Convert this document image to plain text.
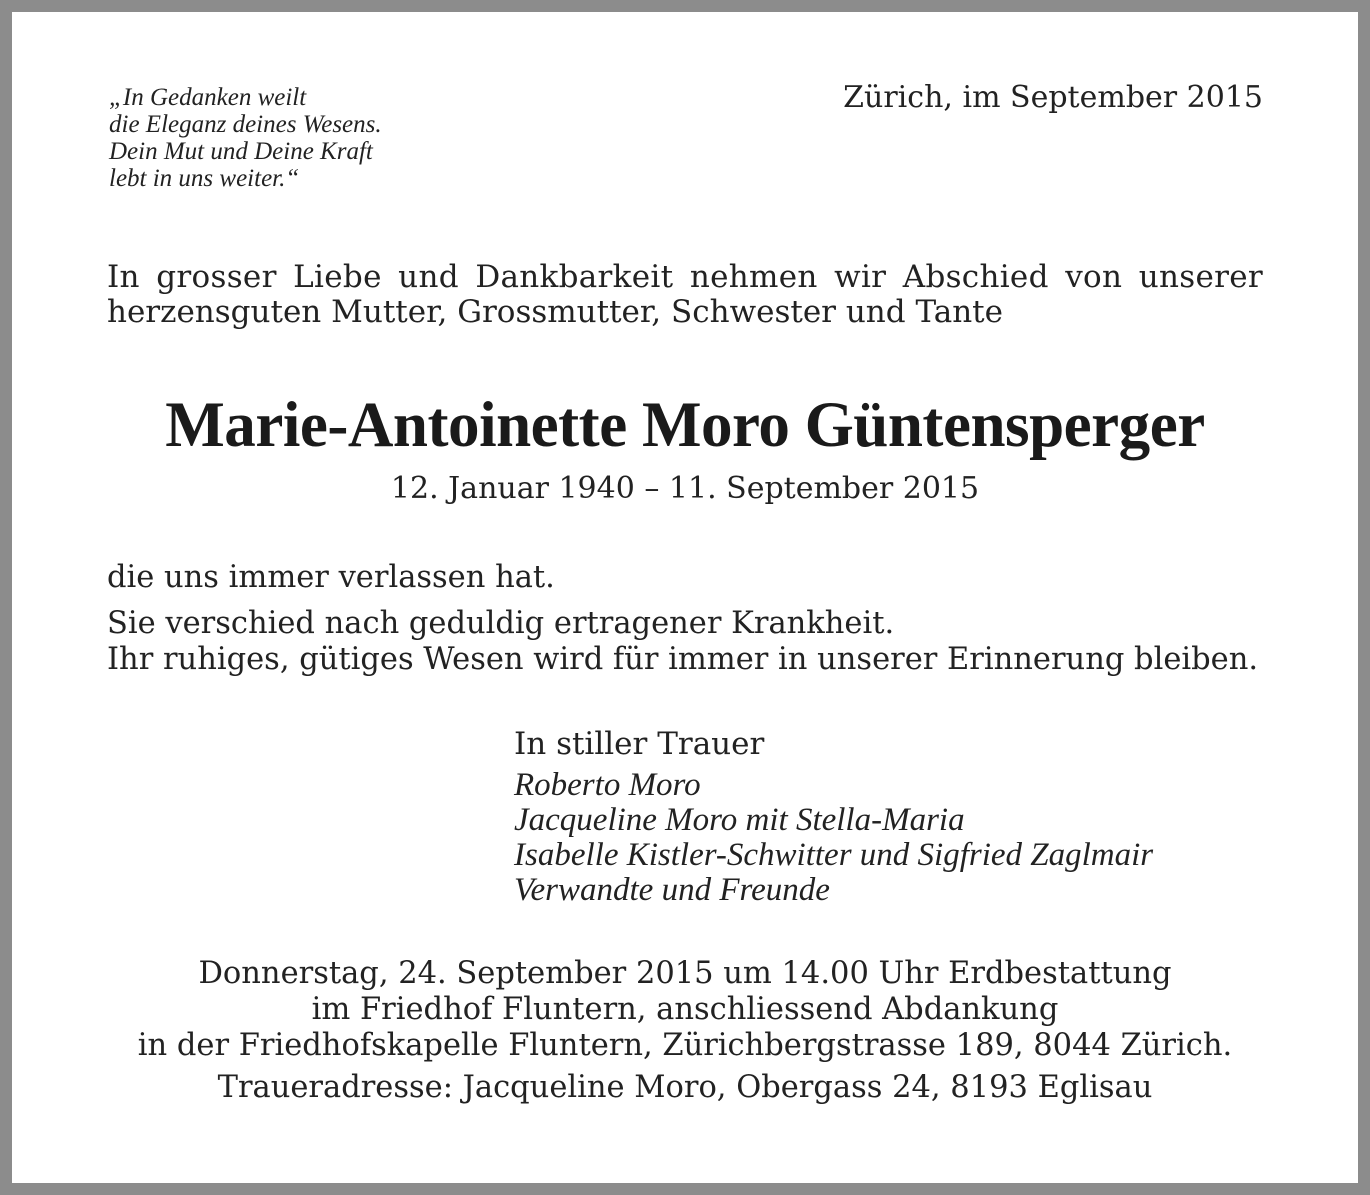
„In Gedanken weilt
die Eleganz deines Wesens.
Dein Mut und Deine Kraft
lebt in uns weiter.“
Zürich, im September 2015
In grosser Liebe und Dankbarkeit nehmen wir Abschied von unserer
herzensguten Mutter, Grossmutter, Schwester und Tante
Marie-Antoinette Moro Güntensperger
12. Januar 1940 – 11. September 2015
die uns immer verlassen hat.
Sie verschied nach geduldig ertragener Krankheit.
Ihr ruhiges, gütiges Wesen wird für immer in unserer Erinnerung bleiben.
In stiller Trauer
Roberto Moro
Jacqueline Moro mit Stella-Maria
Isabelle Kistler-Schwitter und Sigfried Zaglmair
Verwandte und Freunde
Donnerstag, 24. September 2015 um 14.00 Uhr Erdbestattung
im Friedhof Fluntern, anschliessend Abdankung
in der Friedhofskapelle Fluntern, Zürichbergstrasse 189, 8044 Zürich.
Traueradresse: Jacqueline Moro, Obergass 24, 8193 Eglisau
